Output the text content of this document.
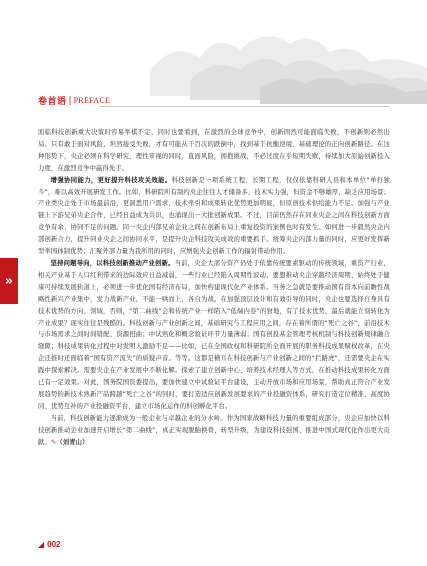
卷首语 | PREFACE
»

面临科技创新重大决策时容易举棋不定，同时也要看到，在激烈的全球竞争中，创新固然可能面临失败，不创新则必然出局。只有敢于面对风险，坦然接受失败，才有可能从千百次的跌倒中，找到基于抗衡逆境、基础理论的正向创新路径。在这种形势下，央企必须在科学研究、理性审视的同时，直面风险，拥抱挑战，不必过度在乎短期失败，持续加大原始创新投入力度，在激烈竞争中赢得先手。

增强协同能力，更好提升科技攻关效能。科技创新是一项系统工程、长期工程，仅仅依靠科研人员和本单位“单打独斗”，难以高效开展研发工作。比如，科研院所有制约央企往往人才储备多，技术实力强，但资金不够雄厚，缺乏应用场景；产业类央企处于市场最前沿，更洞悉用户需求，技术牵引和成果转化优势更加明显，但原创技术供给能力不足。加强与产业链上下游兄弟央企合作，已经日益成为共识，也涌现出一大批创新成果。不过，目前仍然存在同业央企之间在科技创新方面竞争有余、协同不足的问题。同一央企内部兄弟企业之间在创新布局上重复投资的案例也时有发生。如何进一步毅然央企内部创新合力，提升同业央企之间协同水平，是提升央企科技攻关成效的重要抓手。统筹央企内部力量的同时，应更好发挥新型举国体制优势；汇聚外部力量为我所用的同时，应增强央企创新工作的辐射带动作用。

坚持问题导向，以科技创新推动产业创新。当前，央企大部分资产仍处于依靠传统要素驱动的传统领域，重资产行业，相关产业基于人口红利带来的边际效应日益减弱，一些行业已经陷入周期性波动，要想推动央企穿越经济周期、始终处于健康可持续发展轨道上，必须进一步优化国有经济布局，加快构建现代化产业体系。当务之急就是要推动国有资本向前瞻性战略性新兴产业集中，发力战新产业，不能一哄而上、各自为战。在加强顶层设计和有效引导的同时，央企也要选择自身具有技术优势的方向、领域，否则，“第二曲线”会和传统产业一样陷入“低端内卷”的窘地，有了技术优势，最后就能立刻转化为产业成果？现实往往是残酷的。科技创新与产业创新之间，基础研究与工程应用之间，存在着所谓的“死亡之谷”，前沿技术与市场需求之间时间错配、资源扭曲；中试熟化和概念验证环节力量薄弱；国有创投基金管理考核机制与科技创新规律融合缝隙；科技成果转化过程中对发明人激励不足——比如，已在全国政权和科研院所全面开展的职务科技成果赋权改革，在央企还推时还面临着“国有资产流失”的质疑声音。等等。这都是横亘在科技创新与产业创新之间的“拦路虎”，还需要央企在实践中探索解决。需要央企在产业发展中不断化解。探索了建立创新中心、培养技术经理人等方式，在推动科技成果转化方面已有一定效果。对此，国务院国资委提出，要加快建立中试验证平台建设，主动开放市场和应用场景，帮助真正符合产业发展趋势的新技术熟新产品跨越“死亡之谷”的同时，要打造适应创新发展要求的产业投融资体系，研究打造定位精准、高度协同、优势互补的产业投融资平台，建立市场化运作的科创孵化平台。

当前，科技创新能力逐渐成为一般企业与卓越企业的分水岭。作为国家战略科技力量的重要组成部分，央企应加快以科技创新推动企业加速开启增长“第二曲线”，真正实现脱胎换骨、转型升级，为建设科技强国、推进中国式现代化作出更大贡献。✎（刘青山）

◢ 002
